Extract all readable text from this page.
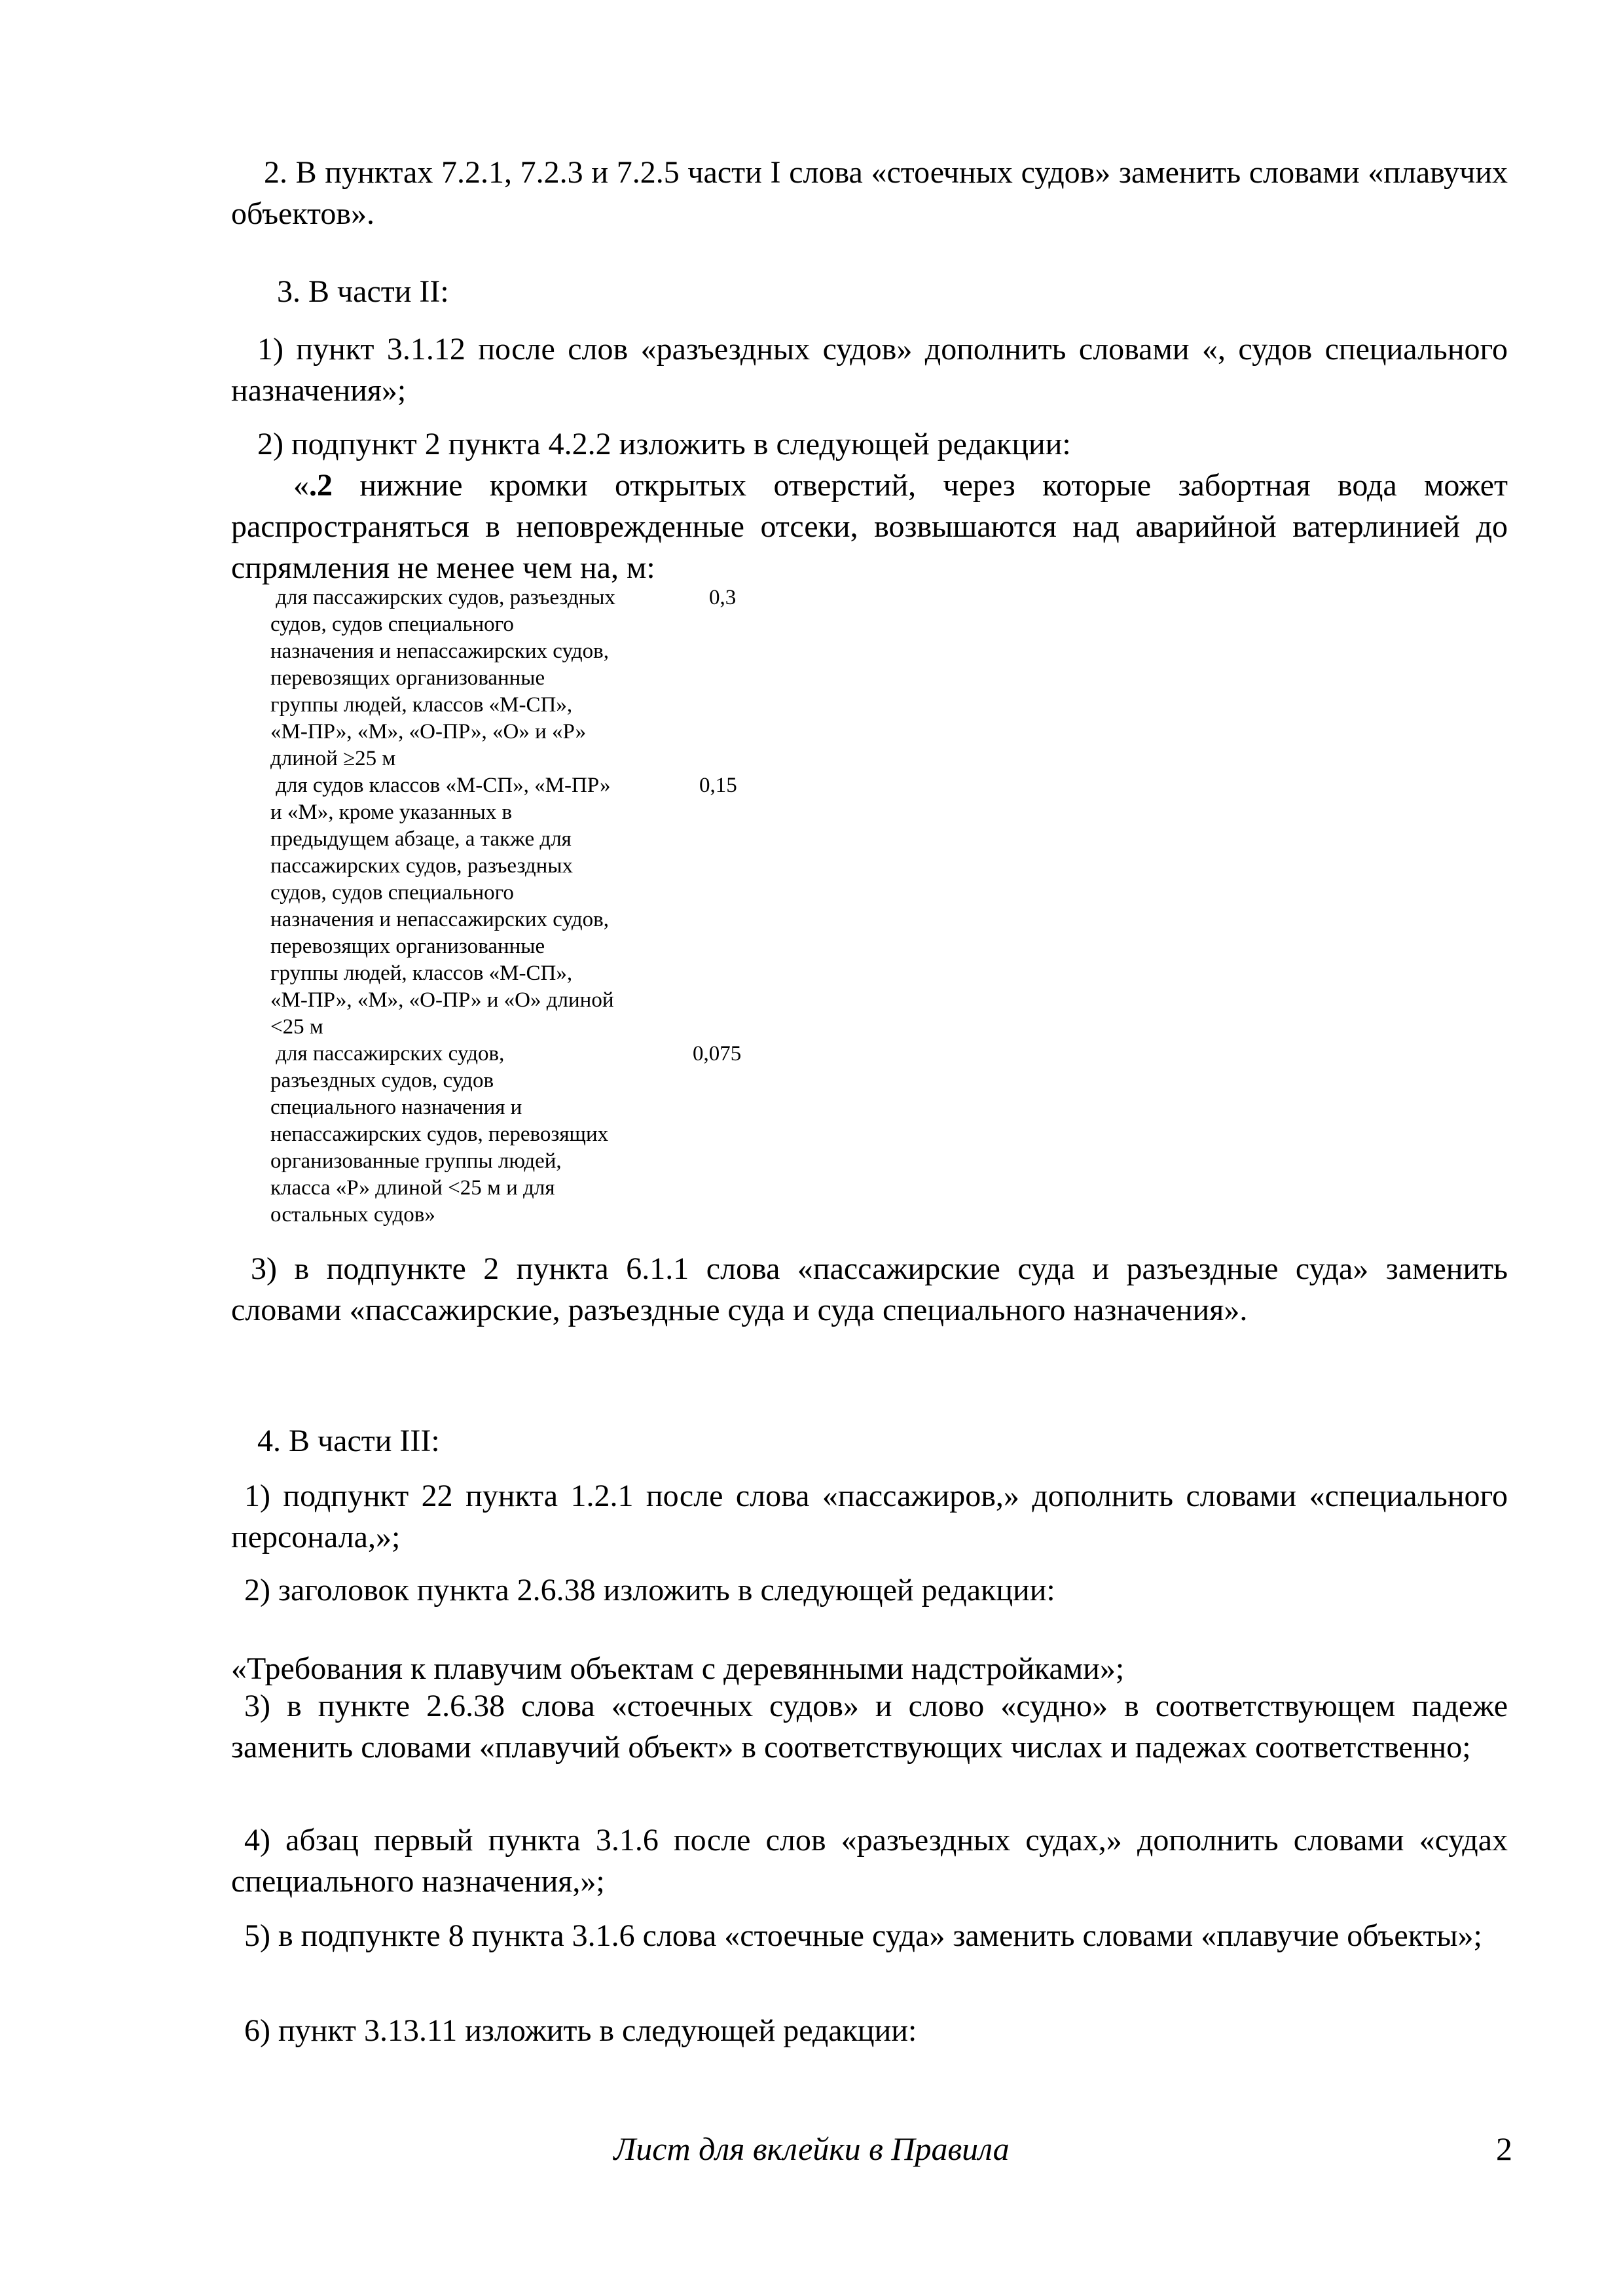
2. В пунктах 7.2.1, 7.2.3 и 7.2.5 части I слова «стоечных судов» заменить словами «плавучих объектов».

3. В части II:

1) пункт 3.1.12 после слов «разъездных судов» дополнить словами «, судов специального назначения»;

2) подпункт 2 пункта 4.2.2 изложить в следующей редакции:

«.2 нижние кромки открытых отверстий, через которые забортная вода может распространяться в неповрежденные отсеки, возвышаются над аварийной ватерлинией до спрямления не менее чем на, м:

для пассажирских судов, разъездных
судов, судов специального
назначения и непассажирских судов,
перевозящих организованные
группы людей, классов «М-СП»,
«М-ПР», «М», «О-ПР», «О» и «Р»
длиной ≥25 м
0,3
для судов классов «М-СП», «М-ПР»
и «М», кроме указанных в
предыдущем абзаце, а также для
пассажирских судов, разъездных
судов, судов специального
назначения и непассажирских судов,
перевозящих организованные
группы людей, классов «М-СП»,
«М-ПР», «М», «О-ПР» и «О» длиной
<25 м
0,15
для пассажирских судов,
разъездных судов, судов
специального назначения и
непассажирских судов, перевозящих
организованные группы людей,
класса «Р» длиной <25 м и для
остальных судов»
0,075

3) в подпункте 2 пункта 6.1.1 слова «пассажирские суда и разъездные суда» заменить словами «пассажирские, разъездные суда и суда специального назначения».

4. В части III:

1) подпункт 22 пункта 1.2.1 после слова «пассажиров,» дополнить словами «специального персонала,»;

2) заголовок пункта 2.6.38 изложить в следующей редакции:

«Требования к плавучим объектам с деревянными надстройками»;

3) в пункте 2.6.38 слова «стоечных судов» и слово «судно» в соответствующем падеже заменить словами «плавучий объект» в соответствующих числах и падежах соответственно;

4) абзац первый пункта 3.1.6 после слов «разъездных судах,» дополнить словами «судах специального назначения,»;

5) в подпункте 8 пункта 3.1.6 слова «стоечные суда» заменить словами «плавучие объекты»;

6) пункт 3.13.11 изложить в следующей редакции:

Лист для вклейки в Правила	2
